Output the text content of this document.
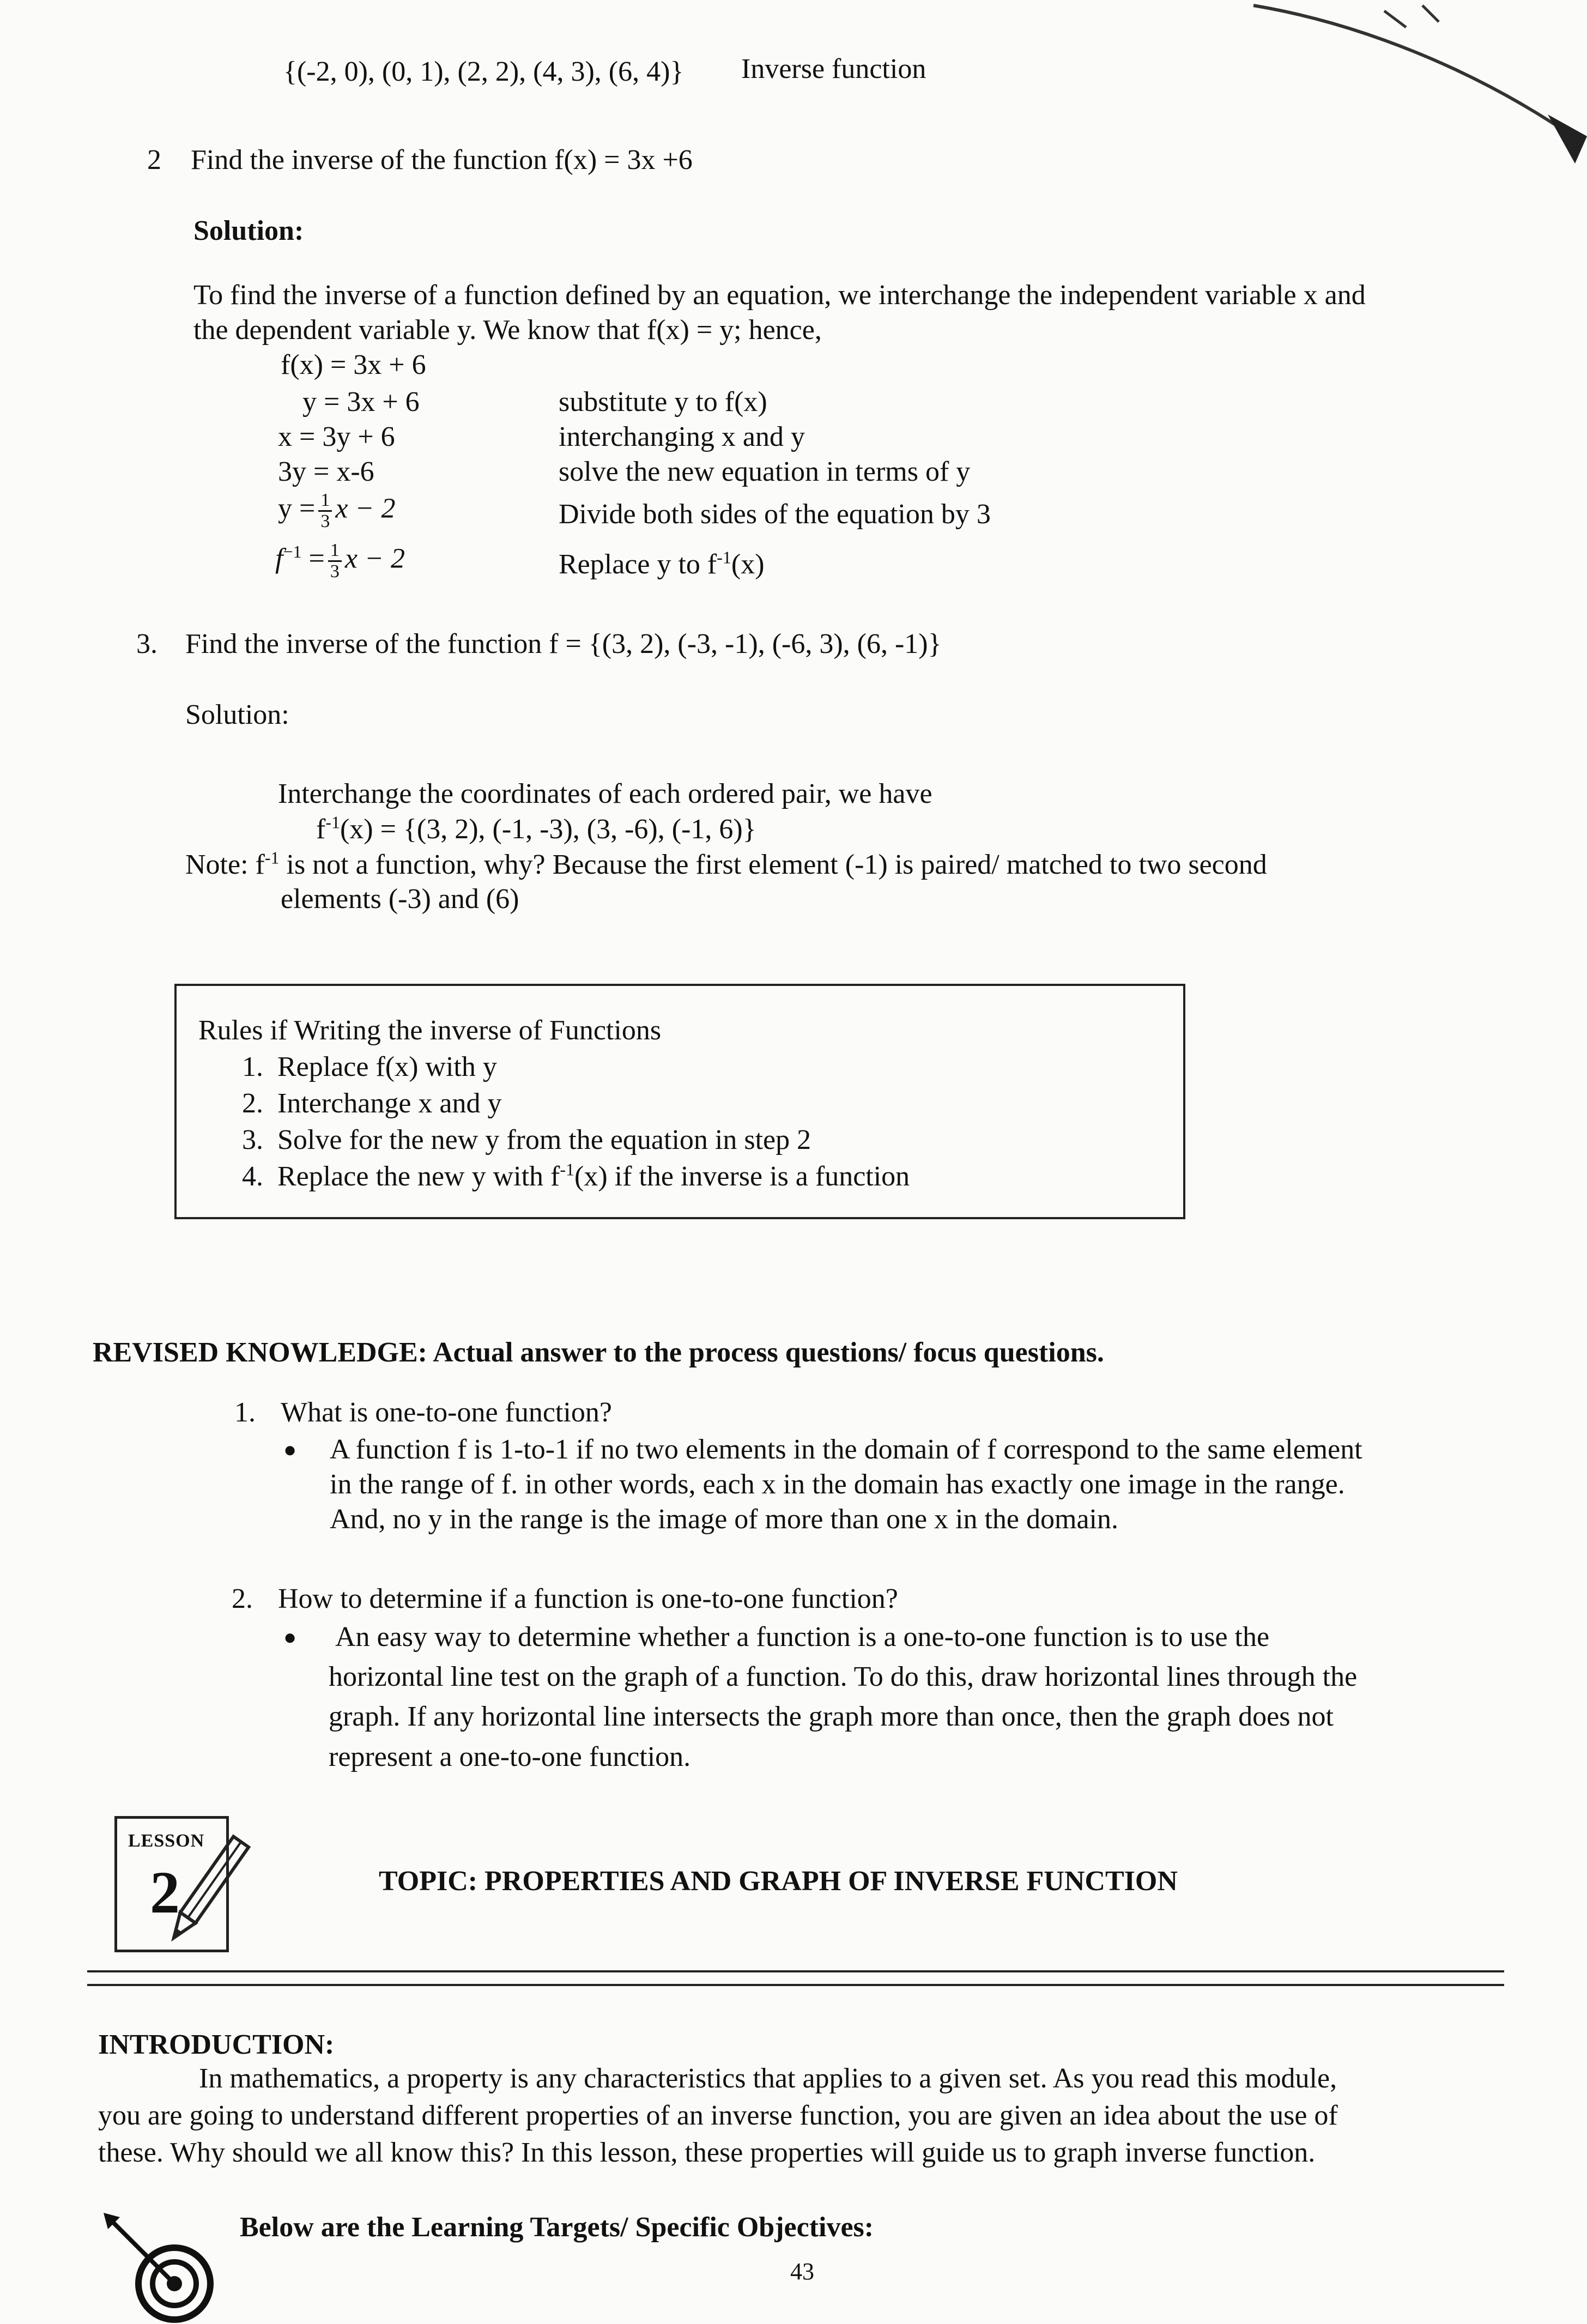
{(-2, 0), (0, 1), (2, 2), (4, 3), (6, 4)} Inverse function
2 Find the inverse of the function f(x) = 3x +6
Solution:
To find the inverse of a function defined by an equation, we interchange the independent variable x and
the dependent variable y. We know that f(x) = y; hence,
f(x) = 3x + 6
y = 3x + 6	substitute y to f(x)
x = 3y + 6	interchanging x and y
3y = x-6	solve the new equation in terms of y
$y = \frac{1}{3}$ x − 2	Divide both sides of the equation by 3
$f^{-1} = \frac{1}{3}$ x − 2	Replace y to $f^{-1}(x)$
3. Find the inverse of the function f = {(3, 2), (-3, -1), (-6, 3), (6, -1)}
Solution:
Interchange the coordinates of each ordered pair, we have
$f^{-1}(x) = \{(3$, 2), (-1, -3), (3, -6), (-1, 6)}
Note: $f^{-1}$ is not a function, why? Because the first element (-1) is paired/ matched to two second
elements (-3) and (6)
Rules if Writing the inverse of Functions
1. Replace f(x) with y
2. Interchange x and y
3. Solve for the new y from the equation in step 2
4. Replace the new y with $f^{-1}(x)$ if the inverse is a function
REVISED KNOWLEDGE: Actual answer to the process questions/ focus questions.
1. What is one-to-one function?
● A function f is 1-to-1 if no two elements in the domain of f correspond to the same element
in the range of f. in other words, each x in the domain has exactly one image in the range.
And, no y in the range is the image of more than one x in the domain.
2. How to determine if a function is one-to-one function?
● An easy way to determine whether a function is a one-to-one function is to use the
horizontal line test on the graph of a function. To do this, draw horizontal lines through the
graph. If any horizontal line intersects the graph more than once, then the graph does not
represent a one-to-one function.
LESSON
2	TOPIC: PROPERTIES AND GRAPH OF INVERSE FUNCTION
INTRODUCTION:
In mathematics, a property is any characteristics that applies to a given set. As you read this module,
you are going to understand different properties of an inverse function, you are given an idea about the use of
these. Why should we all know this? In this lesson, these properties will guide us to graph inverse function.
Below are the Learning Targets/ Specific Objectives:
43
